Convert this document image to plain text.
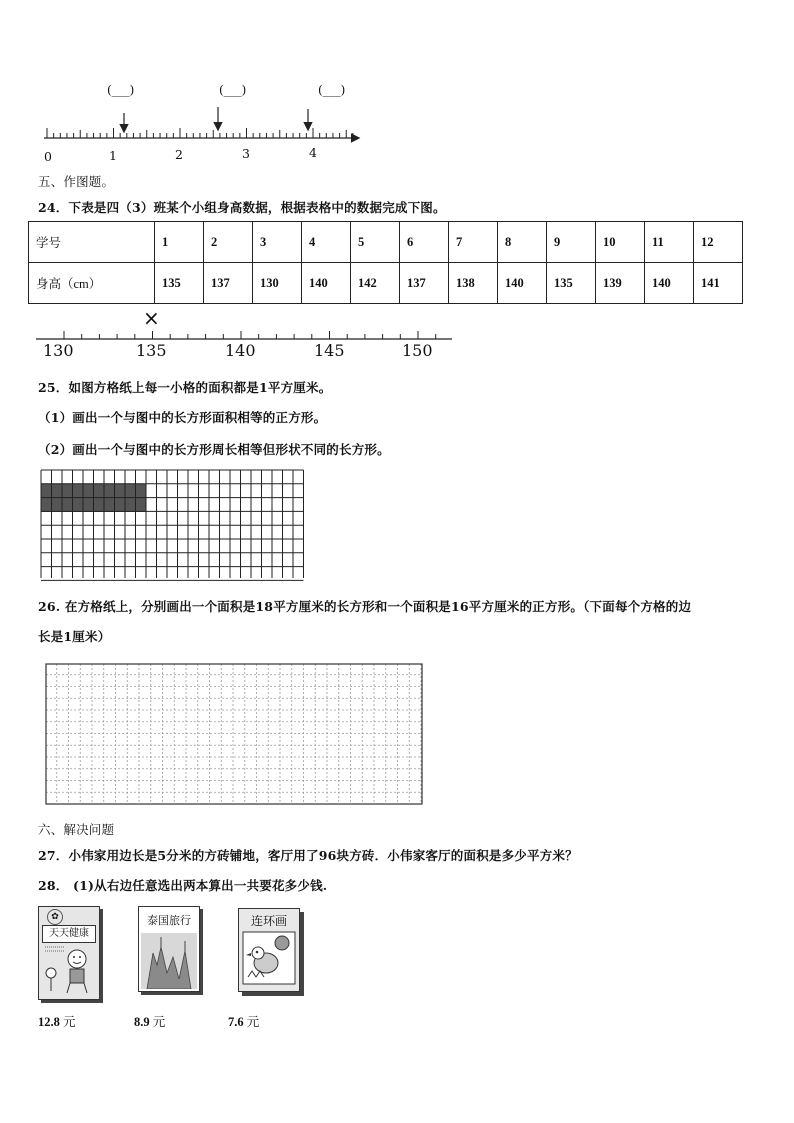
(___)	(___)	(___)
0	1	2	3	4
五、作图题。
24．下表是四（3）班某个小组身高数据，根据表格中的数据完成下图。
学号	1	2	3	4	5	6	7	8	9	10	11	12
身高（cm）	135	137	130	140	142	137	138	140	135	139	140	141
×
130	135	140	145	150
25．如图方格纸上每一小格的面积都是1平方厘米。
（1）画出一个与图中的长方形面积相等的正方形。
（2）画出一个与图中的长方形周长相等但形状不同的长方形。
26. 在方格纸上，分别画出一个面积是18平方厘米的长方形和一个面积是16平方厘米的正方形。（下面每个方格的边
长是1厘米）
六、解决问题
27．小伟家用边长是5分米的方砖铺地，客厅用了96块方砖．小伟家客厅的面积是多少平方米？
28． (1)从右边任意选出两本算出一共要花多少钱.
✿
天天健康
泰国旅行	连环画
12.8 元	8.9 元	7.6 元
